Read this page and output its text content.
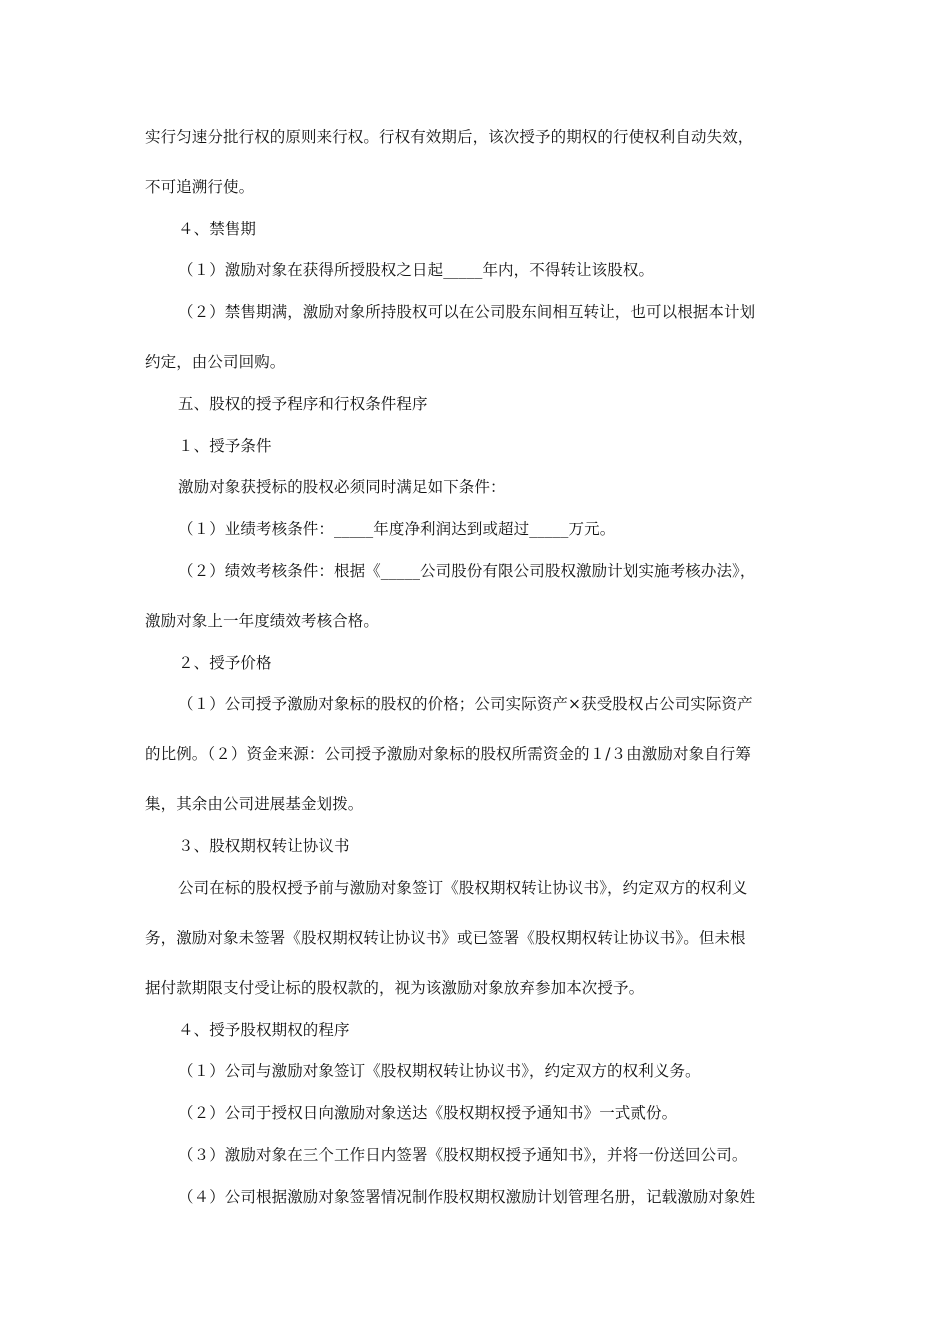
实行匀速分批行权的原则来行权。行权有效期后，该次授予的期权的行使权利自动失效，
不可追溯行使。
４、禁售期
（１）激励对象在获得所授股权之日起_____年内，不得转让该股权。
（２）禁售期满，激励对象所持股权可以在公司股东间相互转让，也可以根据本计划
约定，由公司回购。
五、股权的授予程序和行权条件程序
１、授予条件
激励对象获授标的股权必须同时满足如下条件：
（１）业绩考核条件：_____年度净利润达到或超过_____万元。
（２）绩效考核条件：根据《_____公司股份有限公司股权激励计划实施考核办法》，
激励对象上一年度绩效考核合格。
２、授予价格
（１）公司授予激励对象标的股权的价格；公司实际资产×获受股权占公司实际资产
的比例。（２）资金来源：公司授予激励对象标的股权所需资金的１/３由激励对象自行筹
集，其余由公司进展基金划拨。
３、股权期权转让协议书
公司在标的股权授予前与激励对象签订《股权期权转让协议书》，约定双方的权利义
务，激励对象未签署《股权期权转让协议书》或已签署《股权期权转让协议书》。但未根
据付款期限支付受让标的股权款的，视为该激励对象放弃参加本次授予。
４、授予股权期权的程序
（１）公司与激励对象签订《股权期权转让协议书》，约定双方的权利义务。
（２）公司于授权日向激励对象送达《股权期权授予通知书》一式贰份。
（３）激励对象在三个工作日内签署《股权期权授予通知书》，并将一份送回公司。
（４）公司根据激励对象签署情况制作股权期权激励计划管理名册，记载激励对象姓
